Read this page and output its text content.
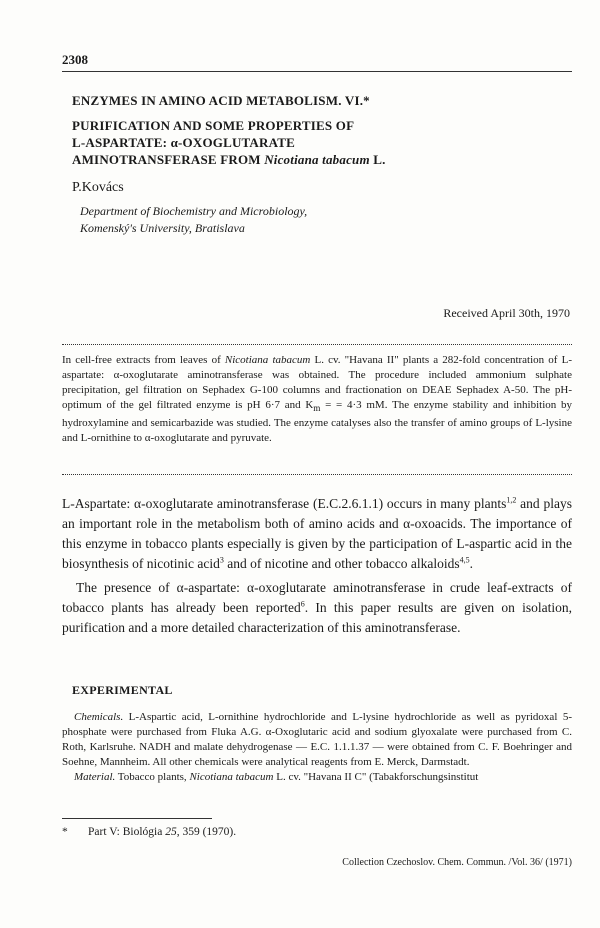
2308
ENZYMES IN AMINO ACID METABOLISM. VI.*
PURIFICATION AND SOME PROPERTIES OF
L-ASPARTATE: α-OXOGLUTARATE
AMINOTRANSFERASE FROM Nicotiana tabacum L.
P.Kovács
Department of Biochemistry and Microbiology,
Komenský's University, Bratislava
Received April 30th, 1970
In cell-free extracts from leaves of Nicotiana tabacum L. cv. "Havana II" plants a 282-fold concentration of L-aspartate: α-oxoglutarate aminotransferase was obtained. The procedure included ammonium sulphate precipitation, gel filtration on Sephadex G-100 columns and fractionation on DEAE Sephadex A-50. The pH-optimum of the gel filtrated enzyme is pH 6·7 and $K_m$ = = 4·3 mM. The enzyme stability and inhibition by hydroxylamine and semicarbazide was studied. The enzyme catalyses also the transfer of amino groups of L-lysine and L-ornithine to α-oxoglutarate and pyruvate.

L-Aspartate: α-oxoglutarate aminotransferase (E.C.2.6.1.1) occurs in many plants$^{1,2}$ and plays an important role in the metabolism both of amino acids and α-oxoacids. The importance of this enzyme in tobacco plants especially is given by the participation of L-aspartic acid in the biosynthesis of nicotinic acid$^3$ and of nicotine and other tobacco alkaloids$^{4,5}$.

The presence of α-aspartate: α-oxoglutarate aminotransferase in crude leaf-extracts of tobacco plants has already been reported$^6$. In this paper results are given on isolation, purification and a more detailed characterization of this aminotransferase.

EXPERIMENTAL

Chemicals. L-Aspartic acid, L-ornithine hydrochloride and L-lysine hydrochloride as well as pyridoxal 5-phosphate were purchased from Fluka A.G. α-Oxoglutaric acid and sodium glyoxalate were purchased from C. Roth, Karlsruhe. NADH and malate dehydrogenase — E.C. 1.1.1.37 — were obtained from C. F. Boehringer and Soehne, Mannheim. All other chemicals were analytical reagents from E. Merck, Darmstadt.

Material. Tobacco plants, Nicotiana tabacum L. cv. "Havana II C" (Tabakforschungsinstitut

* Part V: Biológia 25, 359 (1970).
Collection Czechoslov. Chem. Commun. /Vol. 36/ (1971)
